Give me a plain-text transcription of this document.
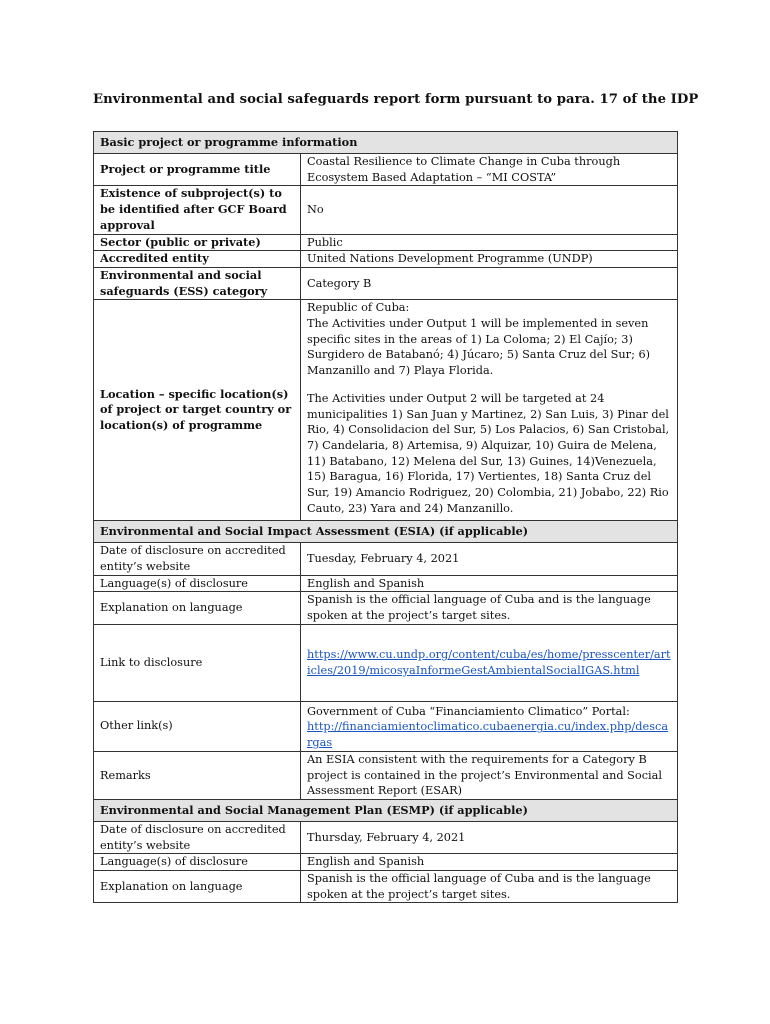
Environmental and social safeguards report form pursuant to para. 17 of the IDP
Basic project or programme information	
Project or programme title	Coastal Resilience to Climate Change in Cuba through Ecosystem Based Adaptation – “MI COSTA”
Existence of subproject(s) to be identified after GCF Board approval	No
Sector (public or private)	Public
Accredited entity	United Nations Development Programme (UNDP)
Environmental and social safeguards (ESS) category	Category B
Location – specific location(s) of project or target country or location(s) of programme	Republic of Cuba:
The Activities under Output 1 will be implemented in seven specific sites in the areas of 1) La Coloma; 2) El Cajío; 3) Surgidero de Batabanó; 4) Júcaro; 5) Santa Cruz del Sur; 6) Manzanillo and 7) Playa Florida.
The Activities under Output 2 will be targeted at 24 municipalities 1) San Juan y Martinez, 2) San Luis, 3) Pinar del Rio, 4) Consolidacion del Sur, 5) Los Palacios, 6) San Cristobal, 7) Candelaria, 8) Artemisa, 9) Alquizar, 10) Guira de Melena, 11) Batabano, 12) Melena del Sur, 13) Guines, 14)Venezuela, 15) Baragua, 16) Florida, 17) Vertientes, 18) Santa Cruz del Sur, 19) Amancio Rodriguez, 20) Colombia, 21) Jobabo, 22) Rio Cauto, 23) Yara and 24) Manzanillo.

Environmental and Social Impact Assessment (ESIA) (if applicable)	
Date of disclosure on accredited entity’s website	Tuesday, February 4, 2021
Language(s) of disclosure	English and Spanish
Explanation on language	Spanish is the official language of Cuba and is the language spoken at the project’s target sites.
Link to disclosure	https://www.cu.undp.org/content/cuba/es/home/presscenter/articles/2019/micosyaInformeGestAmbientalSocialIGAS.html
Other link(s)	Government of Cuba “Financiamiento Climatico” Portal:
http://financiamientoclimatico.cubaenergia.cu/index.php/descargas
Remarks	An ESIA consistent with the requirements for a Category B project is contained in the project’s Environmental and Social Assessment Report (ESAR)
Environmental and Social Management Plan (ESMP) (if applicable)	
Date of disclosure on accredited entity’s website	Thursday, February 4, 2021
Language(s) of disclosure	English and Spanish
Explanation on language	Spanish is the official language of Cuba and is the language spoken at the project’s target sites.
